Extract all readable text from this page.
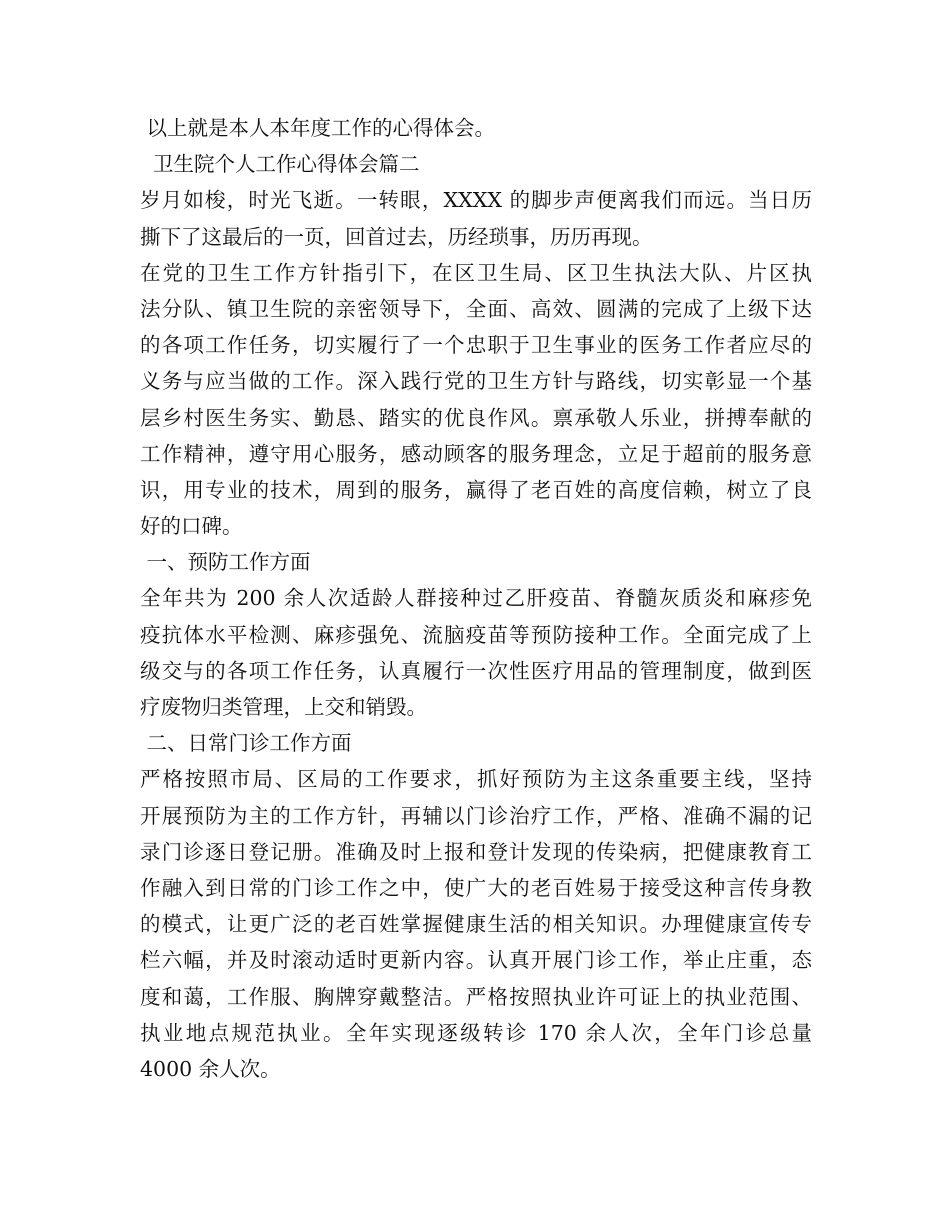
以上就是本人本年度工作的心得体会。
卫生院个人工作心得体会篇二
岁月如梭，时光飞逝。一转眼，XXXX 的脚步声便离我们而远。当日历
撕下了这最后的一页，回首过去，历经琐事，历历再现。
在党的卫生工作方针指引下，在区卫生局、区卫生执法大队、片区执
法分队、镇卫生院的亲密领导下，全面、高效、圆满的完成了上级下达
的各项工作任务，切实履行了一个忠职于卫生事业的医务工作者应尽的
义务与应当做的工作。深入践行党的卫生方针与路线，切实彰显一个基
层乡村医生务实、勤恳、踏实的优良作风。禀承敬人乐业，拼搏奉献的
工作精神，遵守用心服务，感动顾客的服务理念，立足于超前的服务意
识，用专业的技术，周到的服务，赢得了老百姓的高度信赖，树立了良
好的口碑。
一、预防工作方面
全年共为 200 余人次适龄人群接种过乙肝疫苗、脊髓灰质炎和麻疹免
疫抗体水平检测、麻疹强免、流脑疫苗等预防接种工作。全面完成了上
级交与的各项工作任务，认真履行一次性医疗用品的管理制度，做到医
疗废物归类管理，上交和销毁。
二、日常门诊工作方面
严格按照市局、区局的工作要求，抓好预防为主这条重要主线，坚持
开展预防为主的工作方针，再辅以门诊治疗工作，严格、准确不漏的记
录门诊逐日登记册。准确及时上报和登计发现的传染病，把健康教育工
作融入到日常的门诊工作之中，使广大的老百姓易于接受这种言传身教
的模式，让更广泛的老百姓掌握健康生活的相关知识。办理健康宣传专
栏六幅，并及时滚动适时更新内容。认真开展门诊工作，举止庄重，态
度和蔼，工作服、胸牌穿戴整洁。严格按照执业许可证上的执业范围、
执业地点规范执业。全年实现逐级转诊 170 余人次，全年门诊总量
4000 余人次。
